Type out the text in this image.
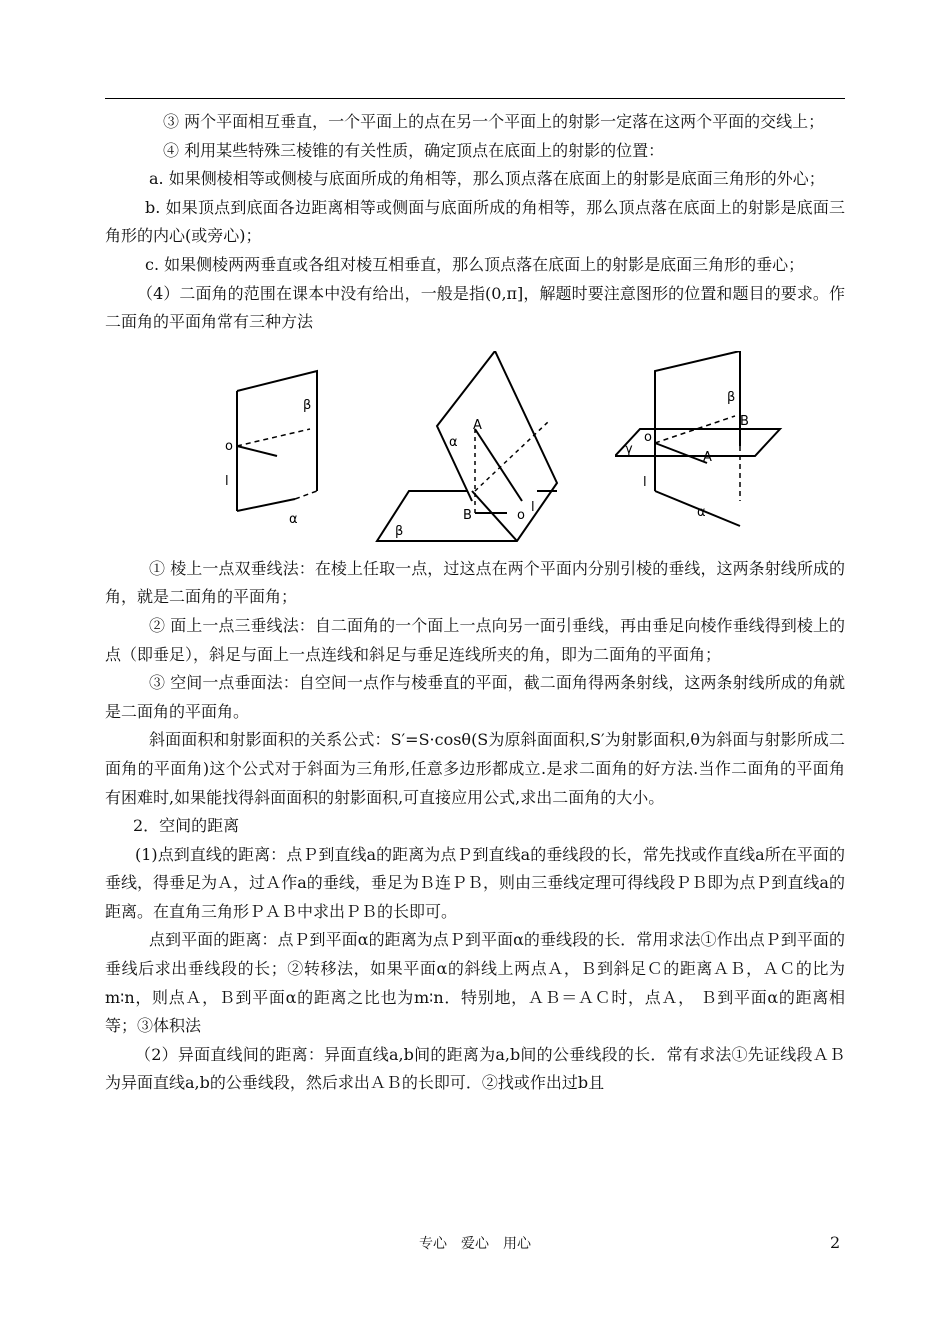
③ 两个平面相互垂直，一个平面上的点在另一个平面上的射影一定落在这两个平面的交线上；

④ 利用某些特殊三棱锥的有关性质，确定顶点在底面上的射影的位置：

a. 如果侧棱相等或侧棱与底面所成的角相等，那么顶点落在底面上的射影是底面三角形的外心；

b. 如果顶点到底面各边距离相等或侧面与底面所成的角相等，那么顶点落在底面上的射影是底面三角形的内心(或旁心)；

c. 如果侧棱两两垂直或各组对棱互相垂直，那么顶点落在底面上的射影是底面三角形的垂心；

（4）二面角的范围在课本中没有给出，一般是指(0,π]，解题时要注意图形的位置和题目的要求。作二面角的平面角常有三种方法

β
o
l
α
α
A
B	o
l
β
β
B
o
A
γ
l
α

① 棱上一点双垂线法：在棱上任取一点，过这点在两个平面内分别引棱的垂线，这两条射线所成的角，就是二面角的平面角；

② 面上一点三垂线法：自二面角的一个面上一点向另一面引垂线，再由垂足向棱作垂线得到棱上的点（即垂足），斜足与面上一点连线和斜足与垂足连线所夹的角，即为二面角的平面角；

③ 空间一点垂面法：自空间一点作与棱垂直的平面，截二面角得两条射线，这两条射线所成的角就是二面角的平面角。

斜面面积和射影面积的关系公式：S′=S·cosθ(S为原斜面面积,S′为射影面积,θ为斜面与射影所成二面角的平面角)这个公式对于斜面为三角形,任意多边形都成立.是求二面角的好方法.当作二面角的平面角有困难时,如果能找得斜面面积的射影面积,可直接应用公式,求出二面角的大小。

2．空间的距离

(1)点到直线的距离：点Ｐ到直线a的距离为点Ｐ到直线a的垂线段的长，常先找或作直线a所在平面的垂线，得垂足为Ａ，过Ａ作a的垂线，垂足为Ｂ连ＰＢ，则由三垂线定理可得线段ＰＢ即为点Ｐ到直线a的距离。在直角三角形ＰＡＢ中求出ＰＢ的长即可。

点到平面的距离：点Ｐ到平面α的距离为点Ｐ到平面α的垂线段的长．常用求法①作出点Ｐ到平面的垂线后求出垂线段的长；②转移法，如果平面α的斜线上两点Ａ，Ｂ到斜足Ｃ的距离ＡＢ，ＡＣ的比为m∶n，则点Ａ，Ｂ到平面α的距离之比也为m∶n．特别地，ＡＢ＝ＡＣ时，点Ａ， Ｂ到平面α的距离相等；③体积法

（2）异面直线间的距离：异面直线a,b间的距离为a,b间的公垂线段的长．常有求法①先证线段ＡＢ为异面直线a,b的公垂线段，然后求出ＡＢ的长即可．②找或作出过b且

专心　爱心　用心	2
